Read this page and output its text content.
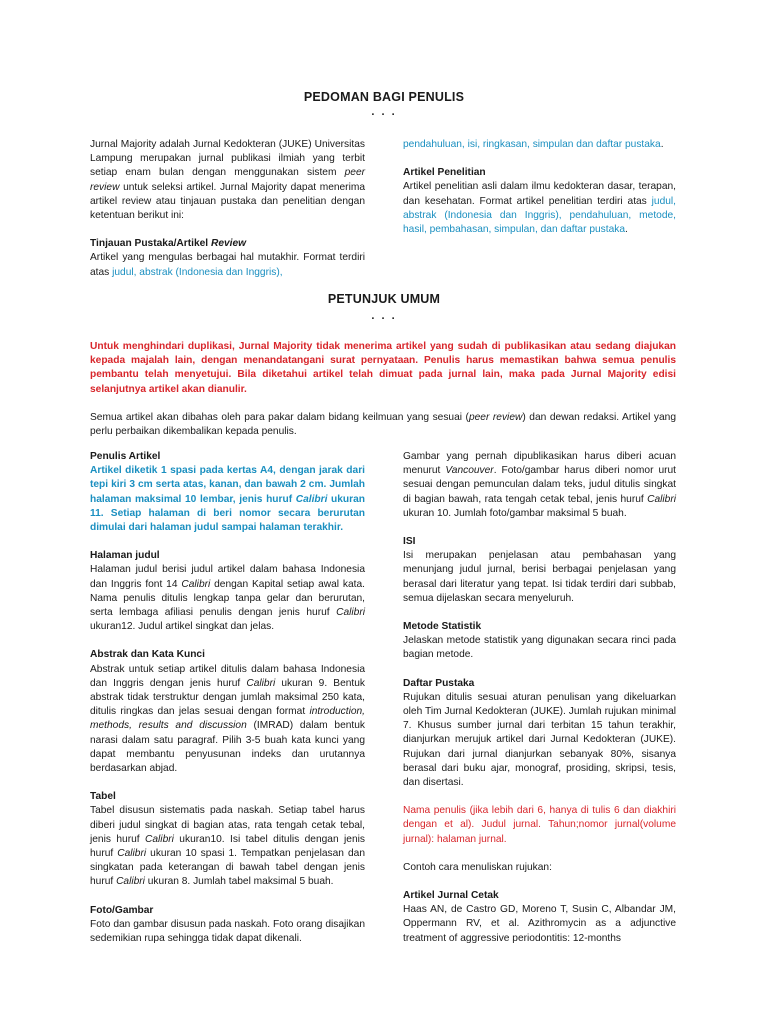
PEDOMAN BAGI PENULIS
. . .

Jurnal Majority adalah Jurnal Kedokteran (JUKE) Universitas Lampung merupakan jurnal publikasi ilmiah yang terbit setiap enam bulan dengan menggunakan sistem peer review untuk seleksi artikel. Jurnal Majority dapat menerima artikel review atau tinjauan pustaka dan penelitian dengan ketentuan berikut ini:

Tinjauan Pustaka/Artikel Review

Artikel yang mengulas berbagai hal mutakhir. Format terdiri atas judul, abstrak (Indonesia dan Inggris),

pendahuluan, isi, ringkasan, simpulan dan daftar pustaka.

Artikel Penelitian

Artikel penelitian asli dalam ilmu kedokteran dasar, terapan, dan kesehatan. Format artikel penelitian terdiri atas judul, abstrak (Indonesia dan Inggris), pendahuluan, metode, hasil, pembahasan, simpulan, dan daftar pustaka.

PETUNJUK UMUM
. . .

Untuk menghindari duplikasi, Jurnal Majority tidak menerima artikel yang sudah di publikasikan atau sedang diajukan kepada majalah lain, dengan menandatangani surat pernyataan. Penulis harus memastikan bahwa semua penulis pembantu telah menyetujui. Bila diketahui artikel telah dimuat pada jurnal lain, maka pada Jurnal Majority edisi selanjutnya artikel akan dianulir.

Semua artikel akan dibahas oleh para pakar dalam bidang keilmuan yang sesuai (peer review) dan dewan redaksi. Artikel yang perlu perbaikan dikembalikan kepada penulis.

Penulis Artikel

Artikel diketik 1 spasi pada kertas A4, dengan jarak dari tepi kiri 3 cm serta atas, kanan, dan bawah 2 cm. Jumlah halaman maksimal 10 lembar, jenis huruf Calibri ukuran 11. Setiap halaman di beri nomor secara berurutan dimulai dari halaman judul sampai halaman terakhir.

Halaman judul

Halaman judul berisi judul artikel dalam bahasa Indonesia dan Inggris font 14 Calibri dengan Kapital setiap awal kata. Nama penulis ditulis lengkap tanpa gelar dan berurutan, serta lembaga afiliasi penulis dengan jenis huruf Calibri ukuran12. Judul artikel singkat dan jelas.

Abstrak dan Kata Kunci

Abstrak untuk setiap artikel ditulis dalam bahasa Indonesia dan Inggris dengan jenis huruf Calibri ukuran 9. Bentuk abstrak tidak terstruktur dengan jumlah maksimal 250 kata, ditulis ringkas dan jelas sesuai dengan format introduction, methods, results and discussion (IMRAD) dalam bentuk narasi dalam satu paragraf. Pilih 3-5 buah kata kunci yang dapat membantu penyusunan indeks dan urutannya berdasarkan abjad.

Tabel

Tabel disusun sistematis pada naskah. Setiap tabel harus diberi judul singkat di bagian atas, rata tengah cetak tebal, jenis huruf Calibri ukuran10. Isi tabel ditulis dengan jenis huruf Calibri ukuran 10 spasi 1. Tempatkan penjelasan dan singkatan pada keterangan di bawah tabel dengan jenis huruf Calibri ukuran 8. Jumlah tabel maksimal 5 buah.

Foto/Gambar

Foto dan gambar disusun pada naskah. Foto orang disajikan sedemikian rupa sehingga tidak dapat dikenali.

Gambar yang pernah dipublikasikan harus diberi acuan menurut Vancouver. Foto/gambar harus diberi nomor urut sesuai dengan pemunculan dalam teks, judul ditulis singkat di bagian bawah, rata tengah cetak tebal, jenis huruf Calibri ukuran 10. Jumlah foto/gambar maksimal 5 buah.

ISI

Isi merupakan penjelasan atau pembahasan yang menunjang judul jurnal, berisi berbagai penjelasan yang berasal dari literatur yang tepat. Isi tidak terdiri dari subbab, semua dijelaskan secara menyeluruh.

Metode Statistik

Jelaskan metode statistik yang digunakan secara rinci pada bagian metode.

Daftar Pustaka

Rujukan ditulis sesuai aturan penulisan yang dikeluarkan oleh Tim Jurnal Kedokteran (JUKE). Jumlah rujukan minimal 7. Khusus sumber jurnal dari terbitan 15 tahun terakhir, dianjurkan merujuk artikel dari Jurnal Kedokteran (JUKE). Rujukan dari jurnal dianjurkan sebanyak 80%, sisanya berasal dari buku ajar, monograf, prosiding, skripsi, tesis, dan disertasi.

Nama penulis (jika lebih dari 6, hanya di tulis 6 dan diakhiri dengan et al). Judul jurnal. Tahun;nomor jurnal(volume jurnal): halaman jurnal.

Contoh cara menuliskan rujukan:

Artikel Jurnal Cetak

Haas AN, de Castro GD, Moreno T, Susin C, Albandar JM, Oppermann RV, et al. Azithromycin as a adjunctive treatment of aggressive periodontitis: 12-months
